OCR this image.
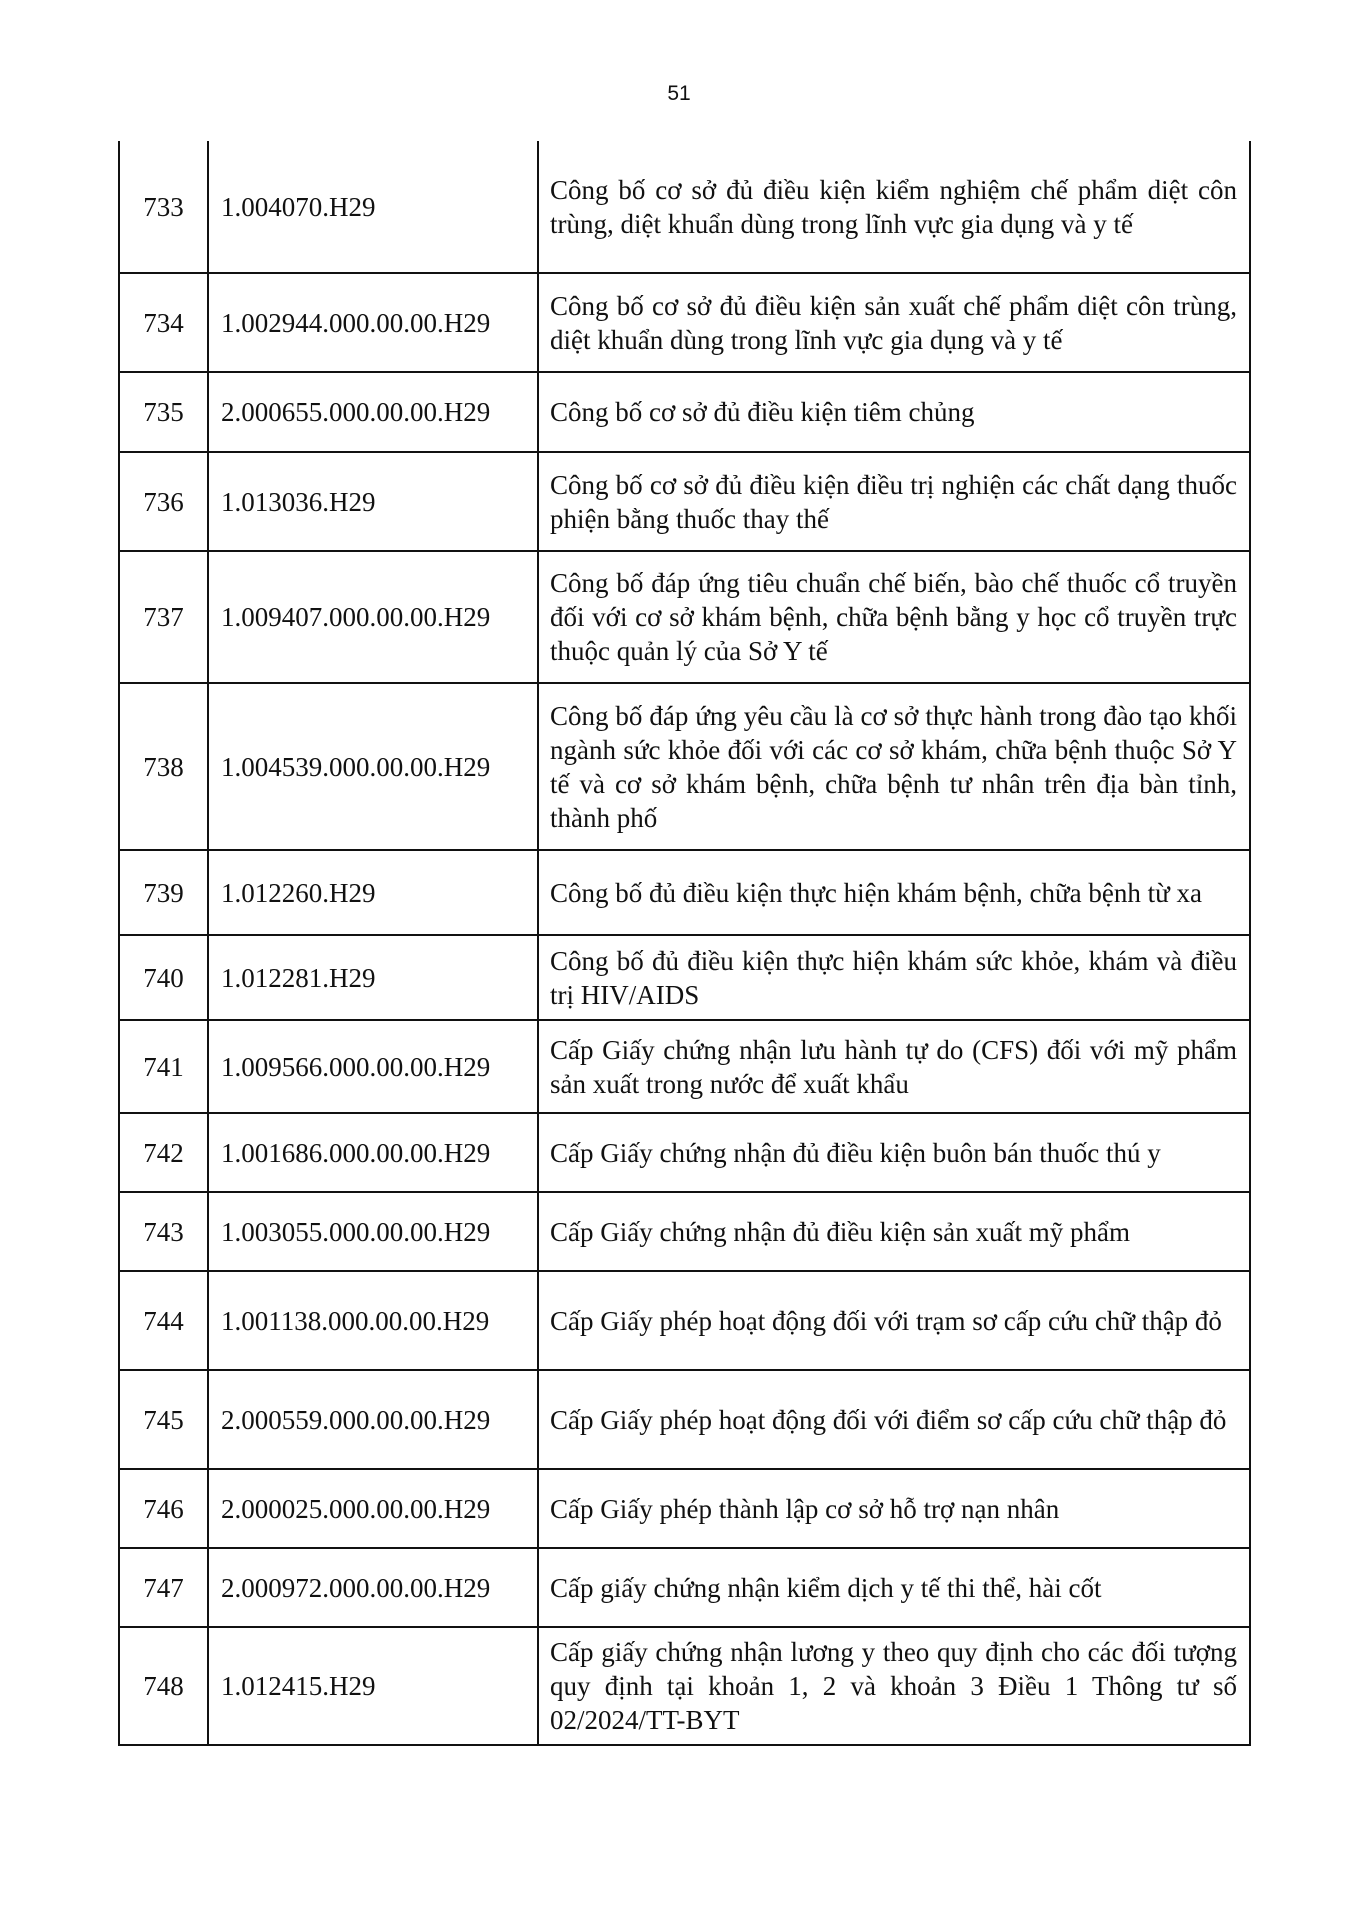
51
733	1.004070.H29	Công bố cơ sở đủ điều kiện kiểm nghiệm chế phẩm diệt côn trùng, diệt khuẩn dùng trong lĩnh vực gia dụng và y tế
734	1.002944.000.00.00.H29	Công bố cơ sở đủ điều kiện sản xuất chế phẩm diệt côn trùng, diệt khuẩn dùng trong lĩnh vực gia dụng và y tế
735	2.000655.000.00.00.H29	Công bố cơ sở đủ điều kiện tiêm chủng
736	1.013036.H29	Công bố cơ sở đủ điều kiện điều trị nghiện các chất dạng thuốc phiện bằng thuốc thay thế
737	1.009407.000.00.00.H29	Công bố đáp ứng tiêu chuẩn chế biến, bào chế thuốc cổ truyền đối với cơ sở khám bệnh, chữa bệnh bằng y học cổ truyền trực thuộc quản lý của Sở Y tế
738	1.004539.000.00.00.H29	Công bố đáp ứng yêu cầu là cơ sở thực hành trong đào tạo khối ngành sức khỏe đối với các cơ sở khám, chữa bệnh thuộc Sở Y tế và cơ sở khám bệnh, chữa bệnh tư nhân trên địa bàn tỉnh, thành phố
739	1.012260.H29	Công bố đủ điều kiện thực hiện khám bệnh, chữa bệnh từ xa
740	1.012281.H29	Công bố đủ điều kiện thực hiện khám sức khỏe, khám và điều trị HIV/AIDS
741	1.009566.000.00.00.H29	Cấp Giấy chứng nhận lưu hành tự do (CFS) đối với mỹ phẩm sản xuất trong nước để xuất khẩu
742	1.001686.000.00.00.H29	Cấp Giấy chứng nhận đủ điều kiện buôn bán thuốc thú y
743	1.003055.000.00.00.H29	Cấp Giấy chứng nhận đủ điều kiện sản xuất mỹ phẩm
744	1.001138.000.00.00.H29	Cấp Giấy phép hoạt động đối với trạm sơ cấp cứu chữ thập đỏ
745	2.000559.000.00.00.H29	Cấp Giấy phép hoạt động đối với điểm sơ cấp cứu chữ thập đỏ
746	2.000025.000.00.00.H29	Cấp Giấy phép thành lập cơ sở hỗ trợ nạn nhân
747	2.000972.000.00.00.H29	Cấp giấy chứng nhận kiểm dịch y tế thi thể, hài cốt
748	1.012415.H29	Cấp giấy chứng nhận lương y theo quy định cho các đối tượng quy định tại khoản 1, 2 và khoản 3 Điều 1 Thông tư số 02/2024/TT-BYT
